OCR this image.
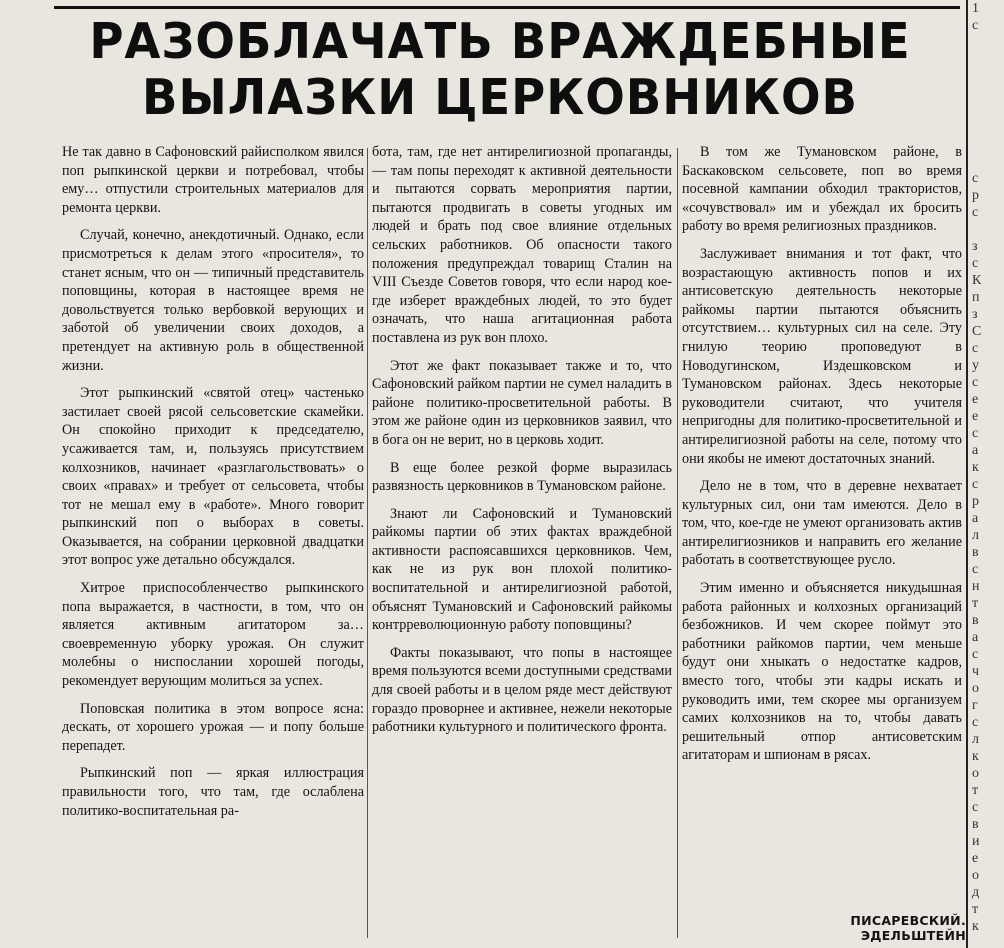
РАЗОБЛАЧАТЬ ВРАЖДЕБНЫЕ
ВЫЛАЗКИ ЦЕРКОВНИКОВ

Не так давно в Сафоновский райисполком явился поп рыпкинской церкви и потребовал, чтобы ему… отпустили строительных материалов для ремонта церкви.

Случай, конечно, анекдотичный. Однако, если присмотреться к делам этого «просителя», то станет ясным, что он — типичный представитель поповщины, которая в настоящее время не довольствуется только вербовкой верующих и заботой об увеличении своих доходов, а претендует на активную роль в общественной жизни.

Этот рыпкинский «святой отец» частенько застилает своей рясой сельсоветские скамейки. Он спокойно приходит к председателю, усаживается там, и, пользуясь присутствием колхозников, начинает «разглагольствовать» о своих «правах» и требует от сельсовета, чтобы тот не мешал ему в «работе». Много говорит рыпкинский поп о выборах в советы. Оказывается, на собрании церковной двадцатки этот вопрос уже детально обсуждался.

Хитрое приспособленчество рыпкинского попа выражается, в частности, в том, что он является активным агитатором за… своевременную уборку урожая. Он служит молебны о ниспослании хорошей погоды, рекомендует верующим молиться за успех.

Поповская политика в этом вопросе ясна: дескать, от хорошего урожая — и попу больше перепадет.

Рыпкинский поп — яркая иллюстрация правильности того, что там, где ослаблена политико-воспитательная ра-

бота, там, где нет антирелигиозной пропаганды, — там попы переходят к активной деятельности и пытаются сорвать мероприятия партии, пытаются продвигать в советы угодных им людей и брать под свое влияние отдельных сельских работников. Об опасности такого положения предупреждал товарищ Сталин на VIII Съезде Советов говоря, что если народ кое-где изберет враждебных людей, то это будет означать, что наша агитационная работа поставлена из рук вон плохо.

Этот же факт показывает также и то, что Сафоновский райком партии не сумел наладить в районе политико-просветительной работы. В этом же районе один из церковников заявил, что в бога он не верит, но в церковь ходит.

В еще более резкой форме выразилась развязность церковников в Тумановском районе.

Знают ли Сафоновский и Тумановский райкомы партии об этих фактах враждебной активности распоясавшихся церковников. Чем, как не из рук вон плохой политико-воспитательной и антирелигиозной работой, объяснят Тумановский и Сафоновский райкомы контрреволюционную работу поповщины?

Факты показывают, что попы в настоящее время пользуются всеми доступными средствами для своей работы и в целом ряде мест действуют гораздо проворнее и активнее, нежели некоторые работники культурного и политического фронта.

В том же Тумановском районе, в Баскаковском сельсовете, поп во время посевной кампании обходил трактористов, «сочувствовал» им и убеждал их бросить работу во время религиозных праздников.

Заслуживает внимания и тот факт, что возрастающую активность попов и их антисоветскую деятельность некоторые райкомы партии пытаются объяснить отсутствием… культурных сил на селе. Эту гнилую теорию проповедуют в Новодугинском, Издешковском и Тумановском районах. Здесь некоторые руководители считают, что учителя непригодны для политико-просветительной и антирелигиозной работы на селе, потому что они якобы не имеют достаточных знаний.

Дело не в том, что в деревне нехватает культурных сил, они там имеются. Дело в том, что, кое-где не умеют организовать актив антирелигиозников и направить его желание работать в соответствующее русло.

Этим именно и объясняется никудышная работа районных и колхозных организаций безбожников. И чем скорее поймут это работники райкомов партии, чем меньше будут они хныкать о недостатке кадров, вместо того, чтобы эти кадры искать и руководить ими, тем скорее мы организуем самих колхозников на то, чтобы давать решительный отпор антисоветским агитаторам и шпионам в рясах.

ПИСАРЕВСКИЙ. ЭДЕЛЬШТЕЙН
1
с

с
р
с

з
с
К
п
з
С
с
у
с
е
е
с
а
к
с
р
а
л
в
с
н
т
в
а
с
ч
о
г
с
л
к
о
т
с
в
и
е
о
д
т
к
